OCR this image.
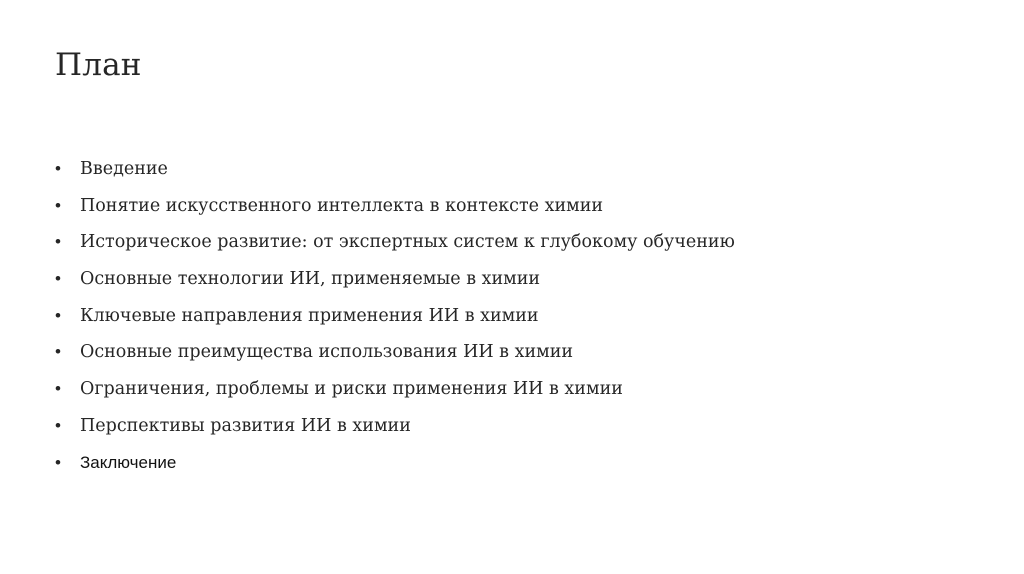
План
•	Введение
•	Понятие искусственного интеллекта в контексте химии
•	Историческое развитие: от экспертных систем к глубокому обучению
•	Основные технологии ИИ, применяемые в химии
•	Ключевые направления применения ИИ в химии
•	Основные преимущества использования ИИ в химии
•	Ограничения, проблемы и риски применения ИИ в химии
•	Перспективы развития ИИ в химии
•	Заключение
